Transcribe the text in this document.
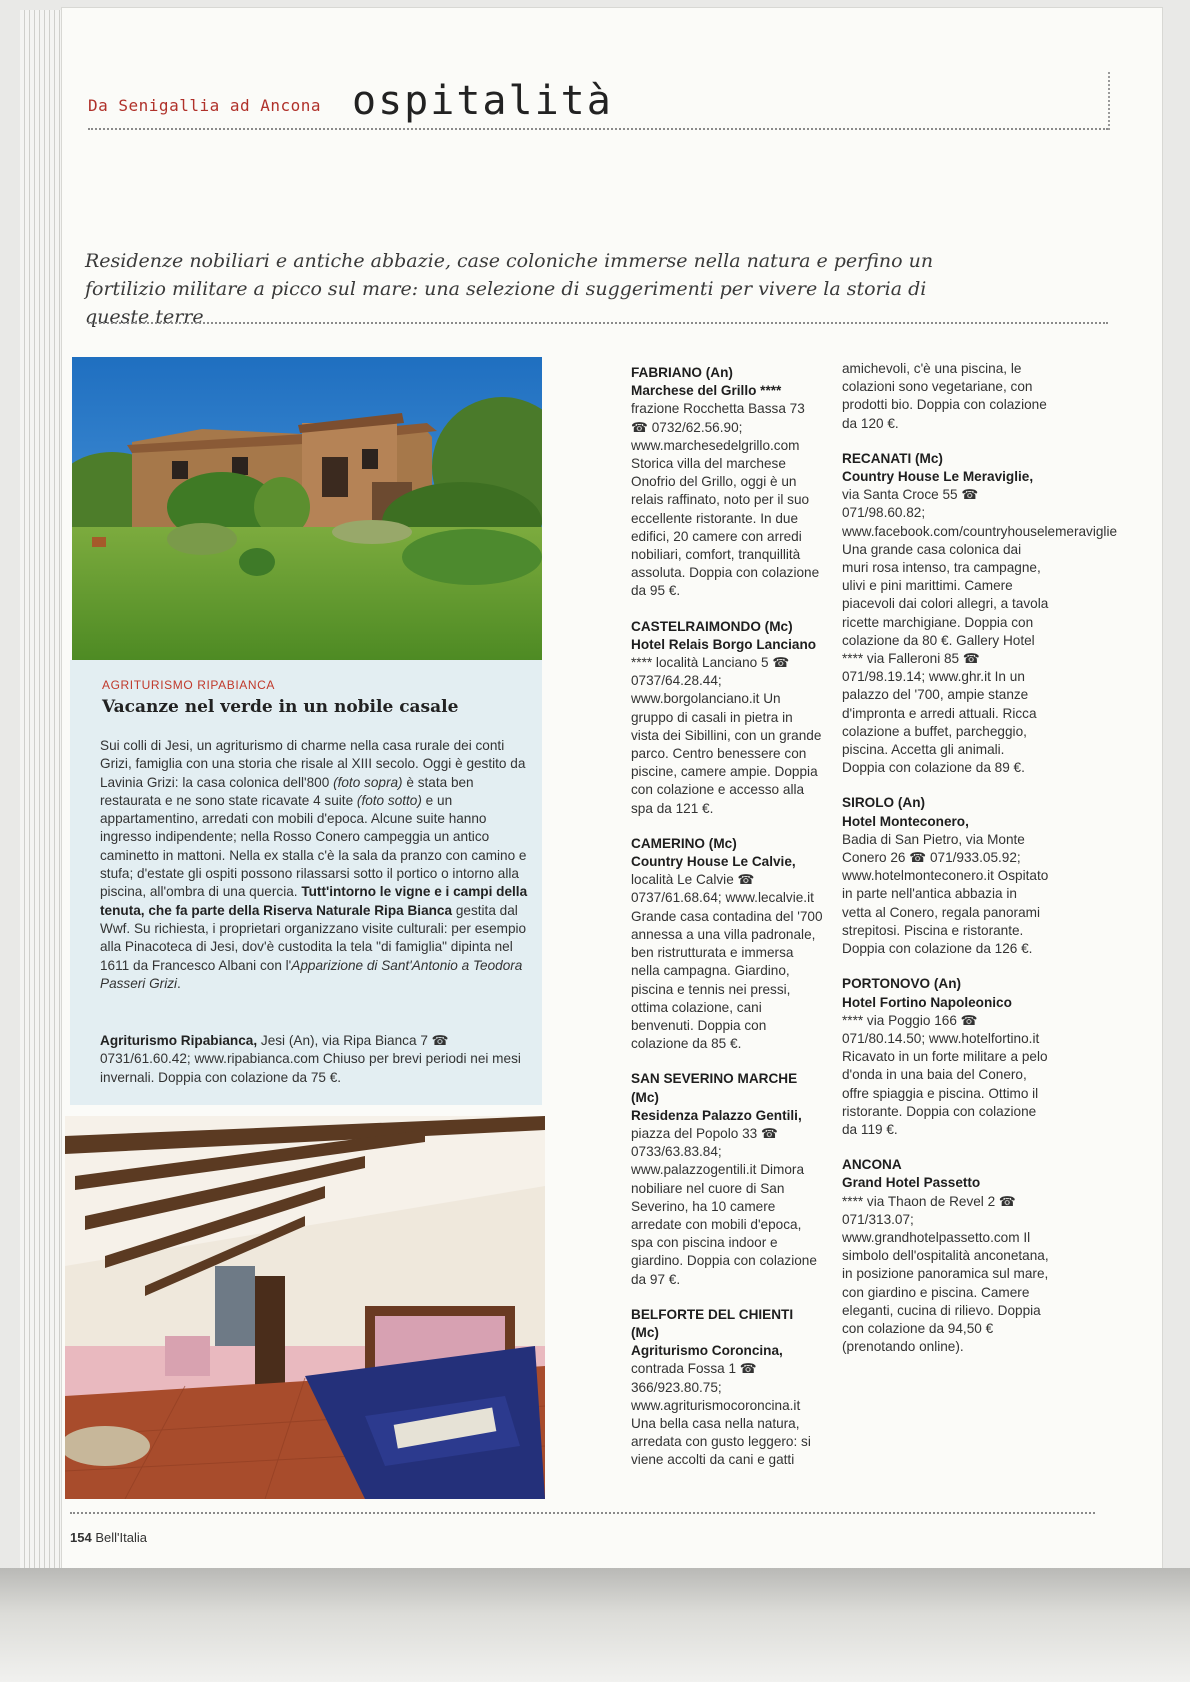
Da Senigallia ad Ancona ospitalità
Residenze nobiliari e antiche abbazie, case coloniche immerse nella natura e perfino un fortilizio militare a picco sul mare: una selezione di suggerimenti per vivere la storia di queste terre
AGRITURISMO RIPABIANCA
Vacanze nel verde in un nobile casale
Sui colli di Jesi, un agriturismo di charme nella casa rurale dei conti Grizi, famiglia con una storia che risale al XIII secolo. Oggi è gestito da Lavinia Grizi: la casa colonica dell'800 (foto sopra) è stata ben restaurata e ne sono state ricavate 4 suite (foto sotto) e un appartamentino, arredati con mobili d'epoca. Alcune suite hanno ingresso indipendente; nella Rosso Conero campeggia un antico caminetto in mattoni. Nella ex stalla c'è la sala da pranzo con camino e stufa; d'estate gli ospiti possono rilassarsi sotto il portico o intorno alla piscina, all'ombra di una quercia. Tutt'intorno le vigne e i campi della tenuta, che fa parte della Riserva Naturale Ripa Bianca gestita dal Wwf. Su richiesta, i proprietari organizzano visite culturali: per esempio alla Pinacoteca di Jesi, dov'è custodita la tela "di famiglia" dipinta nel 1611 da Francesco Albani con l'Apparizione di Sant'Antonio a Teodora Passeri Grizi.
Agriturismo Ripabianca, Jesi (An), via Ripa Bianca 7 ☎ 0731/61.60.42; www.ripabianca.com Chiuso per brevi periodi nei mesi invernali. Doppia con colazione da 75 €.
FABRIANO (An)
Marchese del Grillo ****
frazione Rocchetta Bassa 73 ☎ 0732/62.56.90; www.marchesedelgrillo.com Storica villa del marchese Onofrio del Grillo, oggi è un relais raffinato, noto per il suo eccellente ristorante. In due edifici, 20 camere con arredi nobiliari, comfort, tranquillità assoluta. Doppia con colazione da 95 €.
CASTELRAIMONDO (Mc)
Hotel Relais Borgo Lanciano
**** località Lanciano 5 ☎ 0737/64.28.44; www.borgolanciano.it Un gruppo di casali in pietra in vista dei Sibillini, con un grande parco. Centro benessere con piscine, camere ampie. Doppia con colazione e accesso alla spa da 121 €.
CAMERINO (Mc)
Country House Le Calvie,
località Le Calvie ☎ 0737/61.68.64; www.lecalvie.it Grande casa contadina del '700 annessa a una villa padronale, ben ristrutturata e immersa nella campagna. Giardino, piscina e tennis nei pressi, ottima colazione, cani benvenuti. Doppia con colazione da 85 €.
SAN SEVERINO MARCHE (Mc)
Residenza Palazzo Gentili,
piazza del Popolo 33 ☎ 0733/63.83.84; www.palazzogentili.it Dimora nobiliare nel cuore di San Severino, ha 10 camere arredate con mobili d'epoca, spa con piscina indoor e giardino. Doppia con colazione da 97 €.
BELFORTE DEL CHIENTI (Mc)
Agriturismo Coroncina,
contrada Fossa 1 ☎ 366/923.80.75; www.agriturismocoroncina.it Una bella casa nella natura, arredata con gusto leggero: si viene accolti da cani e gatti
amichevoli, c'è una piscina, le colazioni sono vegetariane, con prodotti bio. Doppia con colazione da 120 €.
RECANATI (Mc)
Country House Le Meraviglie,
via Santa Croce 55 ☎ 071/98.60.82; www.facebook.com/countryhouselemeraviglie Una grande casa colonica dai muri rosa intenso, tra campagne, ulivi e pini marittimi. Camere piacevoli dai colori allegri, a tavola ricette marchigiane. Doppia con colazione da 80 €. Gallery Hotel **** via Falleroni 85 ☎ 071/98.19.14; www.ghr.it In un palazzo del '700, ampie stanze d'impronta e arredi attuali. Ricca colazione a buffet, parcheggio, piscina. Accetta gli animali. Doppia con colazione da 89 €.
SIROLO (An)
Hotel Monteconero,
Badia di San Pietro, via Monte Conero 26 ☎ 071/933.05.92; www.hotelmonteconero.it Ospitato in parte nell'antica abbazia in vetta al Conero, regala panorami strepitosi. Piscina e ristorante. Doppia con colazione da 126 €.
PORTONOVO (An)
Hotel Fortino Napoleonico
**** via Poggio 166 ☎ 071/80.14.50; www.hotelfortino.it Ricavato in un forte militare a pelo d'onda in una baia del Conero, offre spiaggia e piscina. Ottimo il ristorante. Doppia con colazione da 119 €.
ANCONA
Grand Hotel Passetto
**** via Thaon de Revel 2 ☎ 071/313.07; www.grandhotelpassetto.com Il simbolo dell'ospitalità anconetana, in posizione panoramica sul mare, con giardino e piscina. Camere eleganti, cucina di rilievo. Doppia con colazione da 94,50 € (prenotando online).
154 Bell'Italia
